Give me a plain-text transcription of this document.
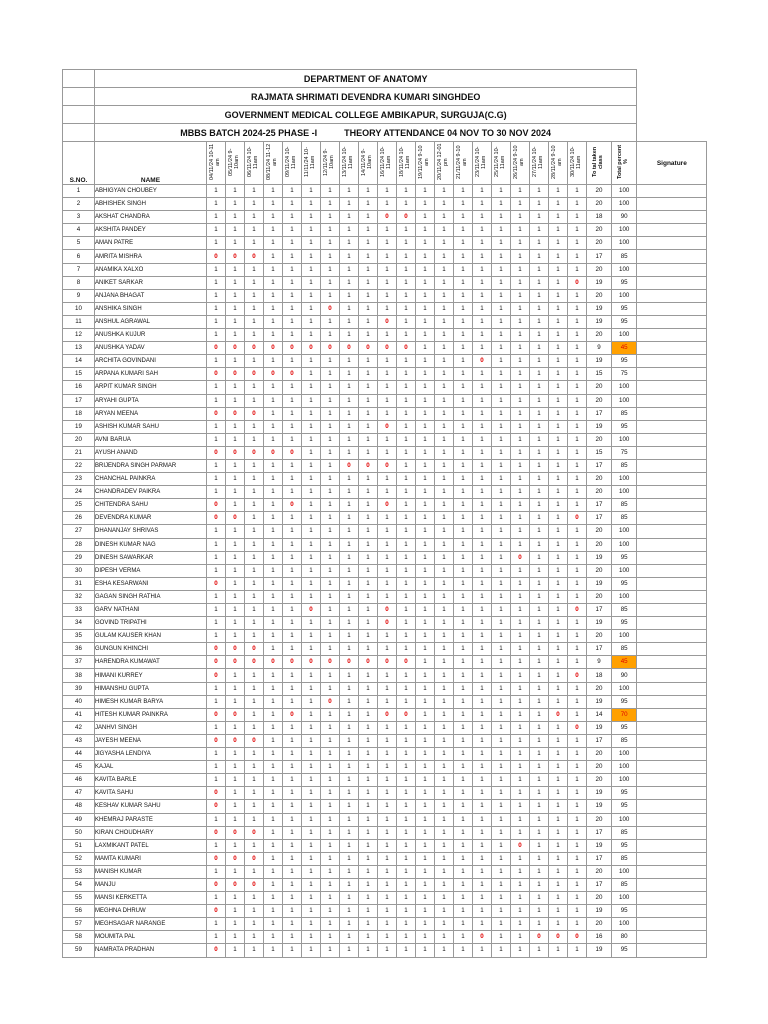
	DEPARTMENT OF ANATOMY																							
	RAJMATA SHRIMATI DEVENDRA KUMARI SINGHDEO																							
	GOVERNMENT MEDICAL COLLEGE AMBIKAPUR, SURGUJA(C.G)																							
	MBBS BATCH 2024-25 PHASE -I THEORY ATTENDANCE 04 NOV TO 30 NOV 2024																							
S.NO.	NAME	04/11/24 10-11 am	05/11/24 9-10am	06/11/24 10-11am	08/11/24 11-12 am	09/11/24 10-11am	11/11/24 10-11am	12/11/24 9-10am	13/11/24 10-11am	14/11/24 9-10am	16/11/24 10-11am	18/11/24 10-11am	19/11/24 9-10 am	20/11/24 12-01 pm	21/11/24 9-10 am	23/11/24 10-11am	25/11/24 10-11am	26/11/24 9-10 am	27/11/24 10-11am	28/11/24 9-10 am	30/11/24 10-11am	To tal taken class	Total percent %	Signature
1	ABHIGYAN CHOUBEY	1	1	1	1	1	1	1	1	1	1	1	1	1	1	1	1	1	1	1	1	20	100	
2	ABHISHEK SINGH	1	1	1	1	1	1	1	1	1	1	1	1	1	1	1	1	1	1	1	1	20	100	
3	AKSHAT CHANDRA	1	1	1	1	1	1	1	1	1	0	0	1	1	1	1	1	1	1	1	1	18	90	
4	AKSHITA PANDEY	1	1	1	1	1	1	1	1	1	1	1	1	1	1	1	1	1	1	1	1	20	100	
5	AMAN PATRE	1	1	1	1	1	1	1	1	1	1	1	1	1	1	1	1	1	1	1	1	20	100	
6	AMRITA MISHRA	0	0	0	1	1	1	1	1	1	1	1	1	1	1	1	1	1	1	1	1	17	85	
7	ANAMIKA XALXO	1	1	1	1	1	1	1	1	1	1	1	1	1	1	1	1	1	1	1	1	20	100	
8	ANIKET SARKAR	1	1	1	1	1	1	1	1	1	1	1	1	1	1	1	1	1	1	1	0	19	95	
9	ANJANA BHAGAT	1	1	1	1	1	1	1	1	1	1	1	1	1	1	1	1	1	1	1	1	20	100	
10	ANSHIKA SINGH	1	1	1	1	1	1	0	1	1	1	1	1	1	1	1	1	1	1	1	1	19	95	
11	ANSHUL AGRAWAL	1	1	1	1	1	1	1	1	1	0	1	1	1	1	1	1	1	1	1	1	19	95	
12	ANUSHKA KUJUR	1	1	1	1	1	1	1	1	1	1	1	1	1	1	1	1	1	1	1	1	20	100	
13	ANUSHKA YADAV	0	0	0	0	0	0	0	0	0	0	0	1	1	1	1	1	1	1	1	1	9	45	
14	ARCHITA GOVINDANI	1	1	1	1	1	1	1	1	1	1	1	1	1	1	0	1	1	1	1	1	19	95	
15	ARPANA KUMARI SAH	0	0	0	0	0	1	1	1	1	1	1	1	1	1	1	1	1	1	1	1	15	75	
16	ARPIT KUMAR SINGH	1	1	1	1	1	1	1	1	1	1	1	1	1	1	1	1	1	1	1	1	20	100	
17	ARYAHI GUPTA	1	1	1	1	1	1	1	1	1	1	1	1	1	1	1	1	1	1	1	1	20	100	
18	ARYAN MEENA	0	0	0	1	1	1	1	1	1	1	1	1	1	1	1	1	1	1	1	1	17	85	
19	ASHISH KUMAR SAHU	1	1	1	1	1	1	1	1	1	0	1	1	1	1	1	1	1	1	1	1	19	95	
20	AVNI BARUA	1	1	1	1	1	1	1	1	1	1	1	1	1	1	1	1	1	1	1	1	20	100	
21	AYUSH ANAND	0	0	0	0	0	1	1	1	1	1	1	1	1	1	1	1	1	1	1	1	15	75	
22	BRIJENDRA SINGH PARMAR	1	1	1	1	1	1	1	0	0	0	1	1	1	1	1	1	1	1	1	1	17	85	
23	CHANCHAL PAINKRA	1	1	1	1	1	1	1	1	1	1	1	1	1	1	1	1	1	1	1	1	20	100	
24	CHANDRADEV PAIKRA	1	1	1	1	1	1	1	1	1	1	1	1	1	1	1	1	1	1	1	1	20	100	
25	CHITENDRA SAHU	0	1	1	1	0	1	1	1	1	0	1	1	1	1	1	1	1	1	1	1	17	85	
26	DEVENDRA KUMAR	0	0	1	1	1	1	1	1	1	1	1	1	1	1	1	1	1	1	1	0	17	85	
27	DHANANJAY SHRIVAS	1	1	1	1	1	1	1	1	1	1	1	1	1	1	1	1	1	1	1	1	20	100	
28	DINESH KUMAR NAG	1	1	1	1	1	1	1	1	1	1	1	1	1	1	1	1	1	1	1	1	20	100	
29	DINESH SAWARKAR	1	1	1	1	1	1	1	1	1	1	1	1	1	1	1	1	0	1	1	1	19	95	
30	DIPESH VERMA	1	1	1	1	1	1	1	1	1	1	1	1	1	1	1	1	1	1	1	1	20	100	
31	ESHA KESARWANI	0	1	1	1	1	1	1	1	1	1	1	1	1	1	1	1	1	1	1	1	19	95	
32	GAGAN SINGH RATHIA	1	1	1	1	1	1	1	1	1	1	1	1	1	1	1	1	1	1	1	1	20	100	
33	GARV NATHANI	1	1	1	1	1	0	1	1	1	0	1	1	1	1	1	1	1	1	1	0	17	85	
34	GOVIND TRIPATHI	1	1	1	1	1	1	1	1	1	0	1	1	1	1	1	1	1	1	1	1	19	95	
35	GULAM KAUSER KHAN	1	1	1	1	1	1	1	1	1	1	1	1	1	1	1	1	1	1	1	1	20	100	
36	GUNGUN KHINCHI	0	0	0	1	1	1	1	1	1	1	1	1	1	1	1	1	1	1	1	1	17	85	
37	HARENDRA KUMAWAT	0	0	0	0	0	0	0	0	0	0	0	1	1	1	1	1	1	1	1	1	9	45	
38	HIMANI KURREY	0	1	1	1	1	1	1	1	1	1	1	1	1	1	1	1	1	1	1	0	18	90	
39	HIMANSHU GUPTA	1	1	1	1	1	1	1	1	1	1	1	1	1	1	1	1	1	1	1	1	20	100	
40	HIMESH KUMAR BARYA	1	1	1	1	1	1	0	1	1	1	1	1	1	1	1	1	1	1	1	1	19	95	
41	HITESH KUMAR PAINKRA	0	0	1	1	0	1	1	1	1	0	0	1	1	1	1	1	1	1	0	1	14	70	
42	JANHVI SINGH	1	1	1	1	1	1	1	1	1	1	1	1	1	1	1	1	1	1	1	0	19	95	
43	JAYESH MEENA	0	0	0	1	1	1	1	1	1	1	1	1	1	1	1	1	1	1	1	1	17	85	
44	JIGYASHA LENDIYA	1	1	1	1	1	1	1	1	1	1	1	1	1	1	1	1	1	1	1	1	20	100	
45	KAJAL	1	1	1	1	1	1	1	1	1	1	1	1	1	1	1	1	1	1	1	1	20	100	
46	KAVITA BARLE	1	1	1	1	1	1	1	1	1	1	1	1	1	1	1	1	1	1	1	1	20	100	
47	KAVITA SAHU	0	1	1	1	1	1	1	1	1	1	1	1	1	1	1	1	1	1	1	1	19	95	
48	KESHAV KUMAR SAHU	0	1	1	1	1	1	1	1	1	1	1	1	1	1	1	1	1	1	1	1	19	95	
49	KHEMRAJ PARASTE	1	1	1	1	1	1	1	1	1	1	1	1	1	1	1	1	1	1	1	1	20	100	
50	KIRAN CHOUDHARY	0	0	0	1	1	1	1	1	1	1	1	1	1	1	1	1	1	1	1	1	17	85	
51	LAXMIKANT PATEL	1	1	1	1	1	1	1	1	1	1	1	1	1	1	1	1	0	1	1	1	19	95	
52	MAMTA KUMARI	0	0	0	1	1	1	1	1	1	1	1	1	1	1	1	1	1	1	1	1	17	85	
53	MANISH KUMAR	1	1	1	1	1	1	1	1	1	1	1	1	1	1	1	1	1	1	1	1	20	100	
54	MANJU	0	0	0	1	1	1	1	1	1	1	1	1	1	1	1	1	1	1	1	1	17	85	
55	MANSI KERKETTA	1	1	1	1	1	1	1	1	1	1	1	1	1	1	1	1	1	1	1	1	20	100	
56	MEGHNA DHRUW	0	1	1	1	1	1	1	1	1	1	1	1	1	1	1	1	1	1	1	1	19	95	
57	MEGHSAGAR NARANGE	1	1	1	1	1	1	1	1	1	1	1	1	1	1	1	1	1	1	1	1	20	100	
58	MOUMITA PAL	1	1	1	1	1	1	1	1	1	1	1	1	1	1	0	1	1	0	0	0	16	80	
59	NAMRATA PRADHAN	0	1	1	1	1	1	1	1	1	1	1	1	1	1	1	1	1	1	1	1	19	95	
